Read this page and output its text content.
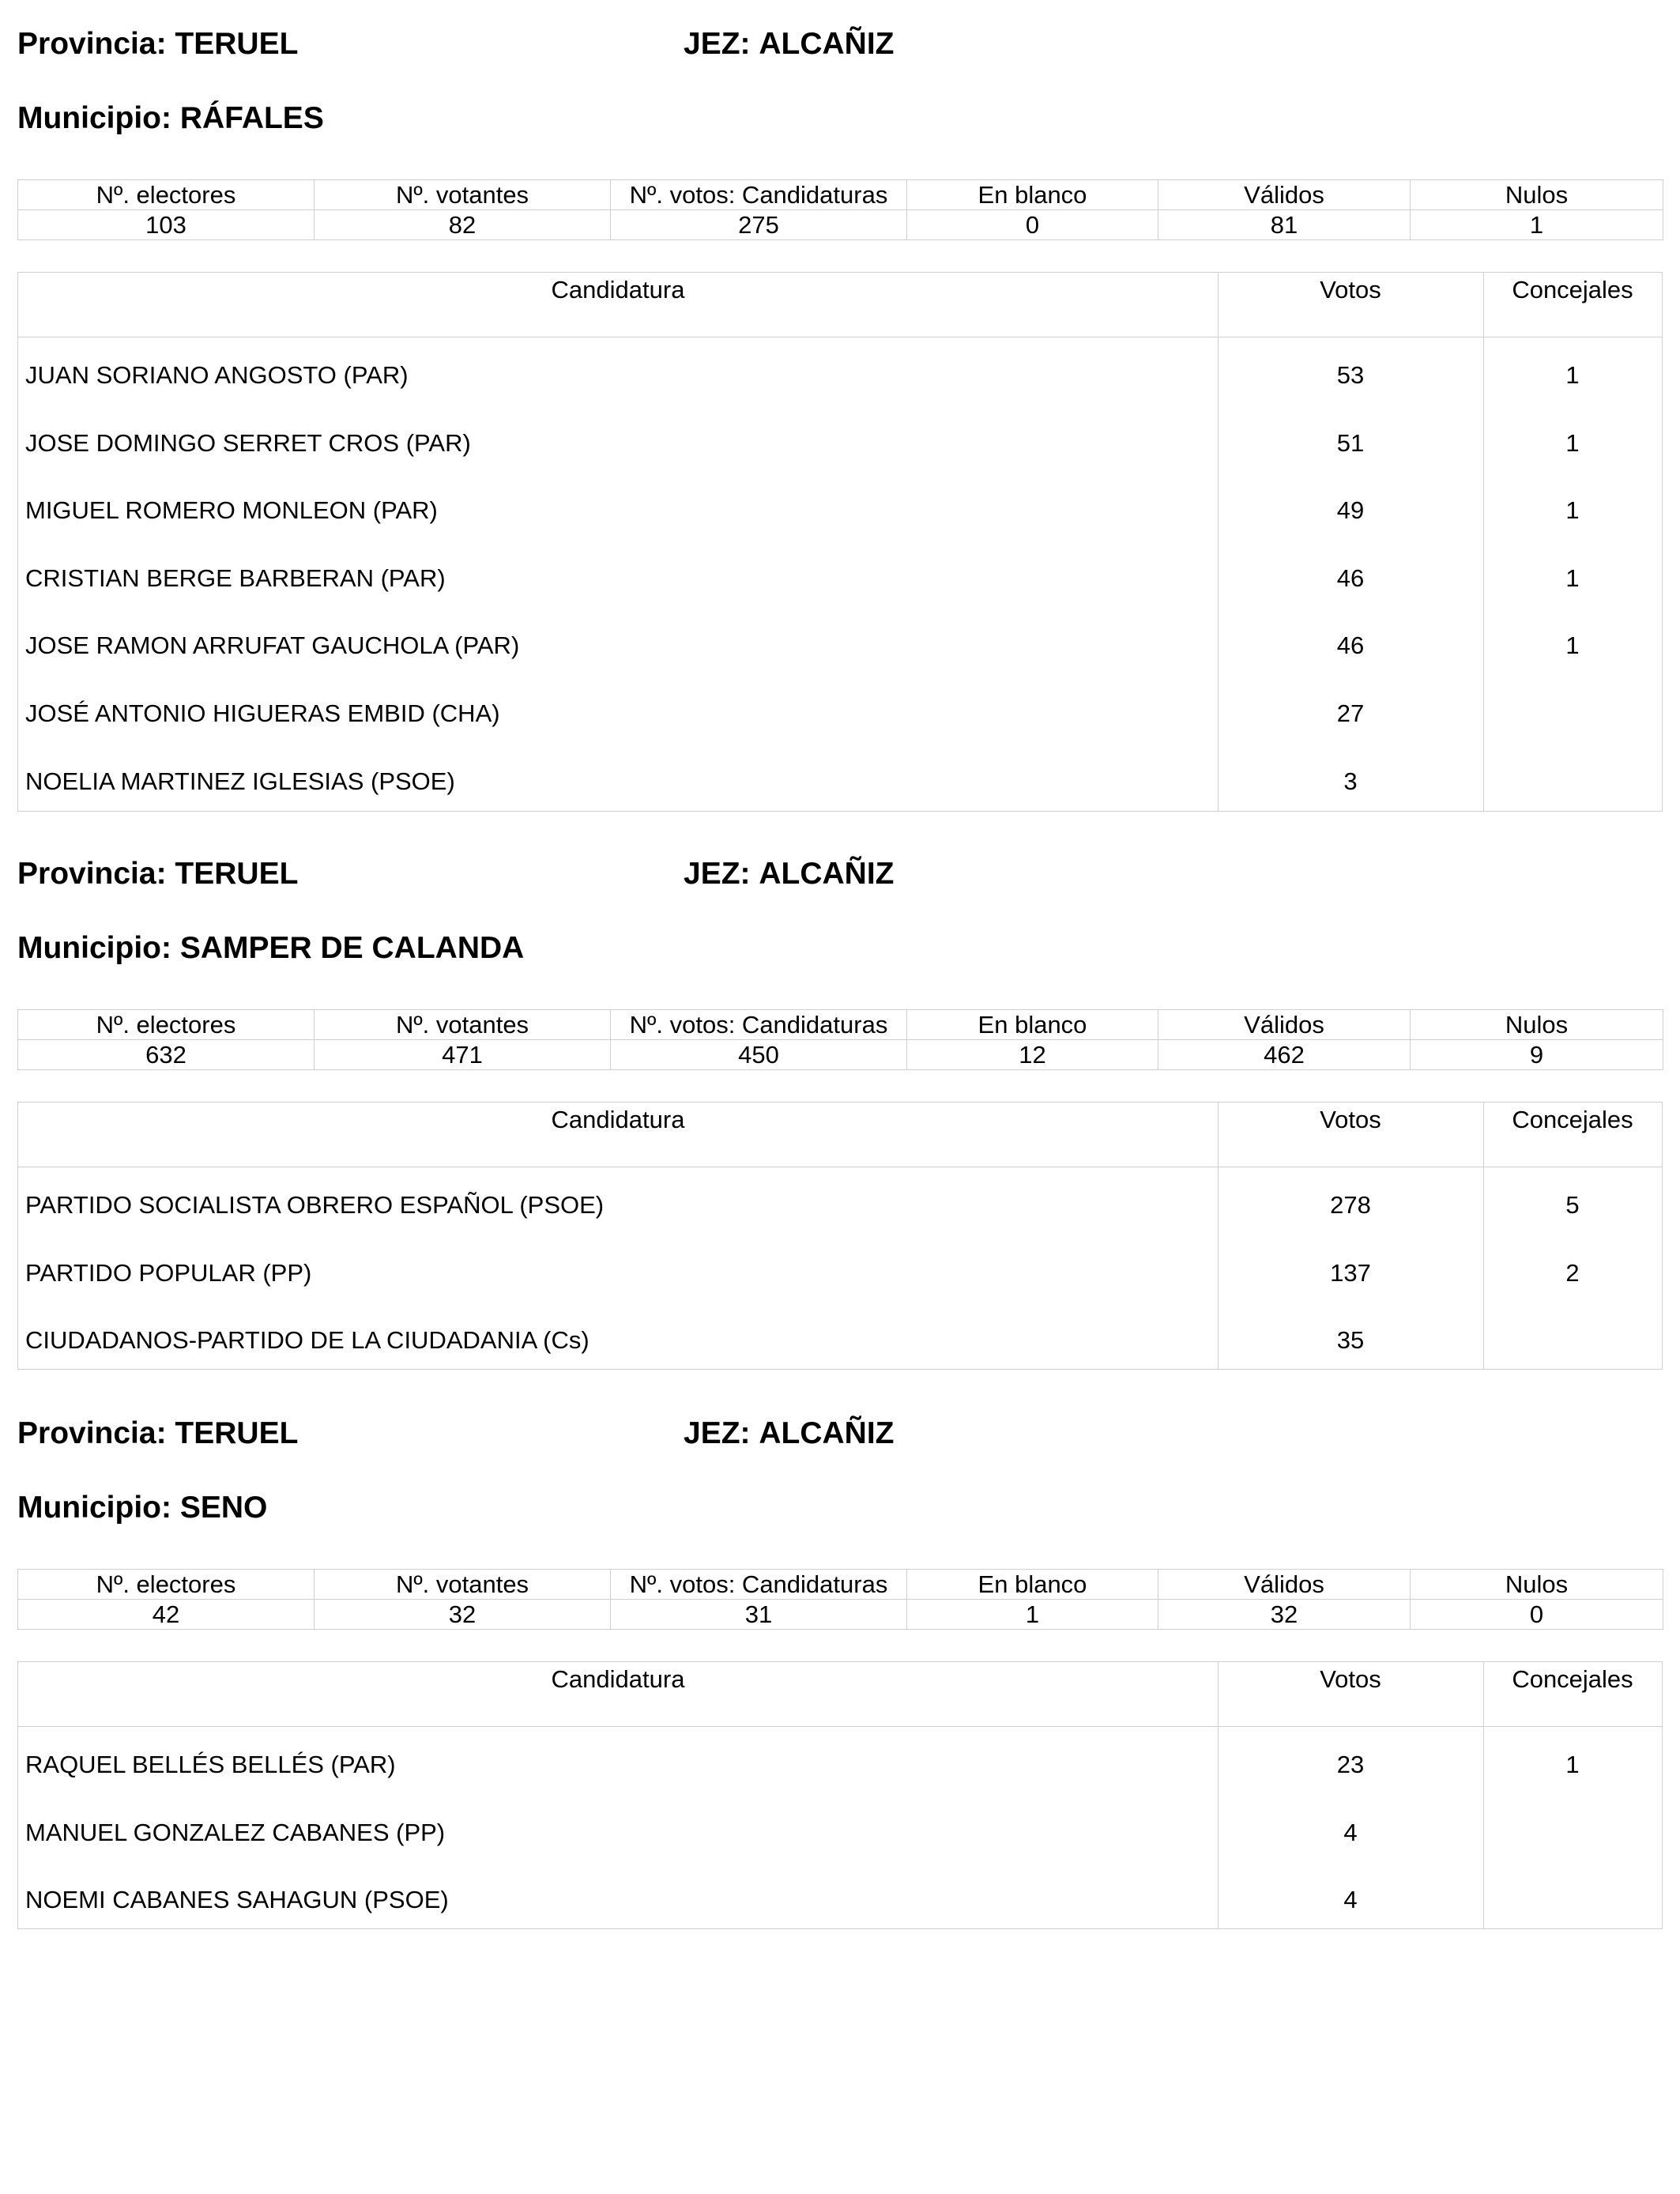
Provincia: TERUEL	JEZ: ALCAÑIZ
Municipio: RÁFALES
Nº. electores	Nº. votantes	Nº. votos: Candidaturas	En blanco	Válidos	Nulos
103	82	275	0	81	1
Candidatura	Votos	Concejales
JUAN SORIANO ANGOSTO (PAR)	53	1
JOSE DOMINGO SERRET CROS (PAR)	51	1
MIGUEL ROMERO MONLEON (PAR)	49	1
CRISTIAN BERGE BARBERAN (PAR)	46	1
JOSE RAMON ARRUFAT GAUCHOLA (PAR)	46	1
JOSÉ ANTONIO HIGUERAS EMBID (CHA)	27
NOELIA MARTINEZ IGLESIAS (PSOE)	3
Provincia: TERUEL	JEZ: ALCAÑIZ
Municipio: SAMPER DE CALANDA
Nº. electores	Nº. votantes	Nº. votos: Candidaturas	En blanco	Válidos	Nulos
632	471	450	12	462	9
Candidatura	Votos	Concejales
PARTIDO SOCIALISTA OBRERO ESPAÑOL (PSOE)	278	5
PARTIDO POPULAR (PP)	137	2
CIUDADANOS-PARTIDO DE LA CIUDADANIA (Cs)	35
Provincia: TERUEL	JEZ: ALCAÑIZ
Municipio: SENO
Nº. electores	Nº. votantes	Nº. votos: Candidaturas	En blanco	Válidos	Nulos
42	32	31	1	32	0
Candidatura	Votos	Concejales
RAQUEL BELLÉS BELLÉS (PAR)	23	1
MANUEL GONZALEZ CABANES (PP)	4
NOEMI CABANES SAHAGUN (PSOE)	4
